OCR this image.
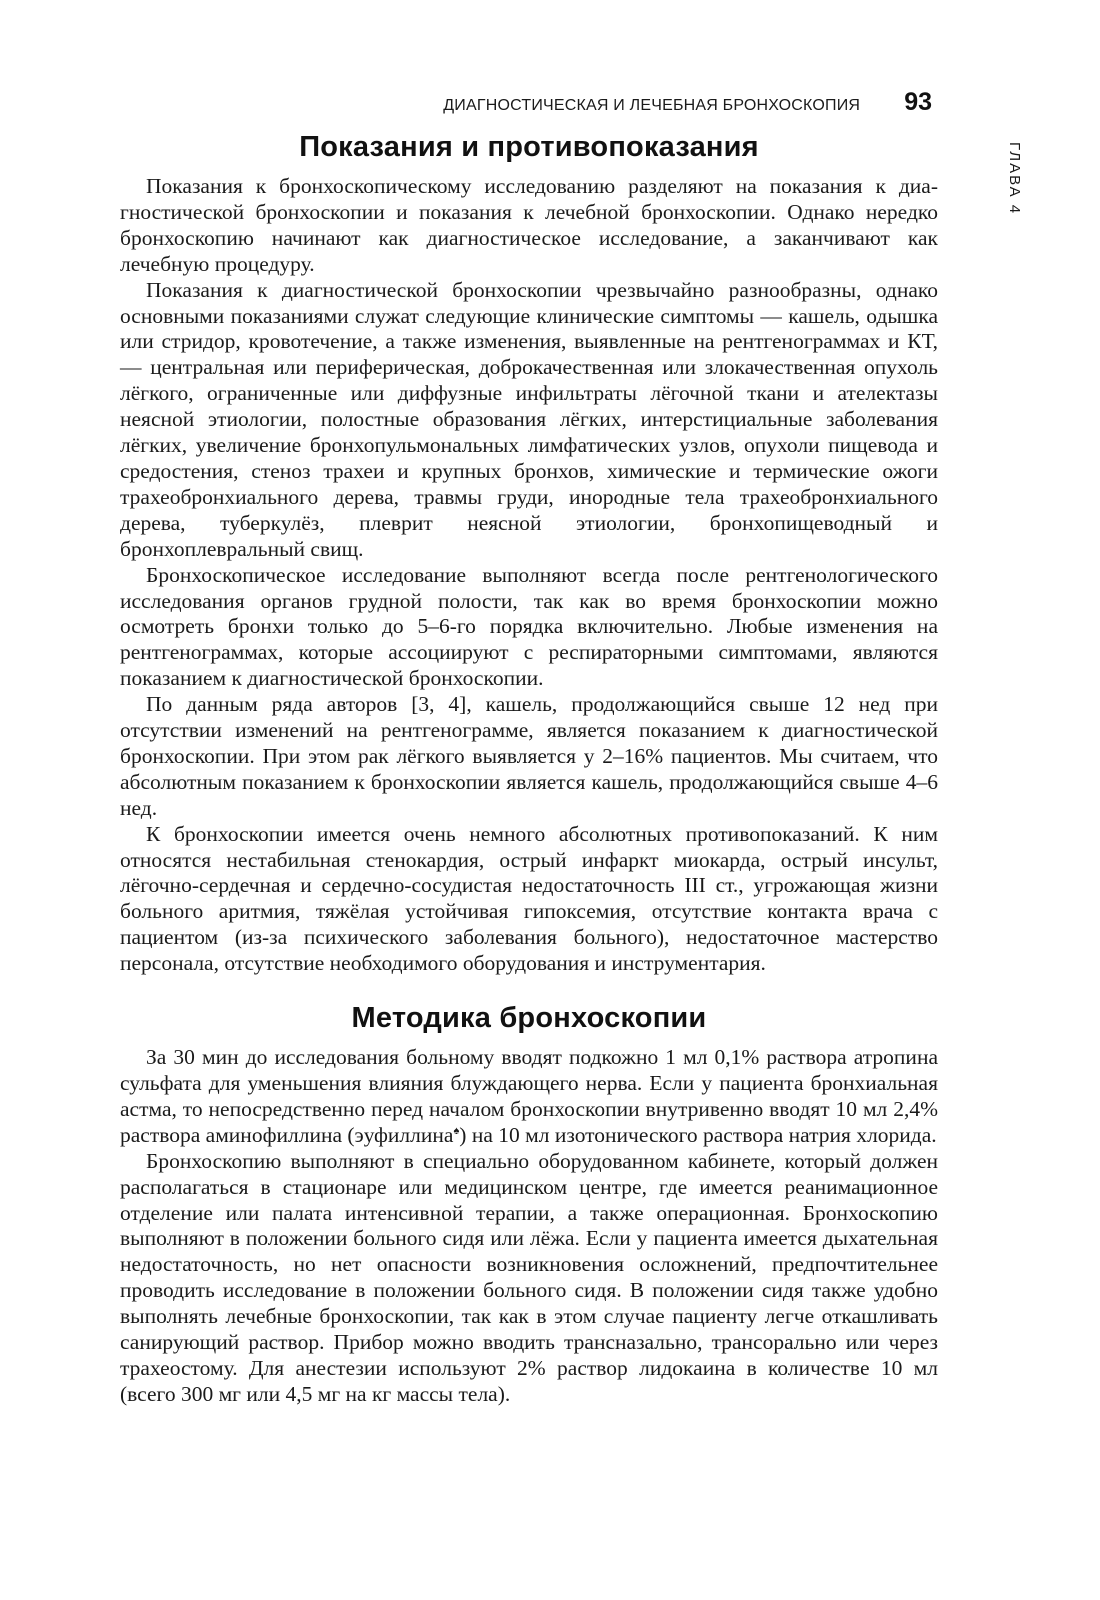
ДИАГНОСТИЧЕСКАЯ И ЛЕЧЕБНАЯ БРОНХОСКОПИЯ 93
ГЛАВА 4
Показания и противопоказания

Показания к бронхоскопическому исследованию разделяют на показания к диагностической бронхоскопии и показания к лечебной бронхоскопии. Однако нередко бронхоскопию начинают как диагностическое исследование, а заканчивают как лечебную процедуру.

Показания к диагностической бронхоскопии чрезвычайно разнообразны, однако основными показаниями служат следующие клинические симптомы — кашель, одышка или стридор, кровотечение, а также изменения, выявленные на рентгенограммах и КТ, — центральная или периферическая, доброкачественная или злокачественная опухоль лёгкого, ограниченные или диффузные инфильтраты лёгочной ткани и ателектазы неясной этиологии, полостные образования лёгких, интерстициальные заболевания лёгких, увеличение бронхопульмональных лимфатических узлов, опухоли пищевода и средостения, стеноз трахеи и крупных бронхов, химические и термические ожоги трахеобронхиального дерева, травмы груди, инородные тела трахеобронхиального дерева, туберкулёз, плеврит неясной этиологии, бронхопищеводный и бронхоплевральный свищ.

Бронхоскопическое исследование выполняют всегда после рентгенологического исследования органов грудной полости, так как во время бронхоскопии можно осмотреть бронхи только до 5–6-го порядка включительно. Любые изменения на рентгенограммах, которые ассоциируют с респираторными симптомами, являются показанием к диагностической бронхоскопии.

По данным ряда авторов [3, 4], кашель, продолжающийся свыше 12 нед при отсутствии изменений на рентгенограмме, является показанием к диагностической бронхоскопии. При этом рак лёгкого выявляется у 2–16% пациентов. Мы считаем, что абсолютным показанием к бронхоскопии является кашель, продолжающийся свыше 4–6 нед.

К бронхоскопии имеется очень немного абсолютных противопоказаний. К ним относятся нестабильная стенокардия, острый инфаркт миокарда, острый инсульт, лёгочно-сердечная и сердечно-сосудистая недостаточность III ст., угрожающая жизни больного аритмия, тяжёлая устойчивая гипоксемия, отсутствие контакта врача с пациентом (из-за психического заболевания больного), недостаточное мастерство персонала, отсутствие необходимого оборудования и инструментария.

Методика бронхоскопии

За 30 мин до исследования больному вводят подкожно 1 мл 0,1% раствора атропина сульфата для уменьшения влияния блуждающего нерва. Если у пациента бронхиальная астма, то непосредственно перед началом бронхоскопии внутривенно вводят 10 мл 2,4% раствора аминофиллина (эуфиллина♠) на 10 мл изотонического раствора натрия хлорида.

Бронхоскопию выполняют в специально оборудованном кабинете, который должен располагаться в стационаре или медицинском центре, где имеется реанимационное отделение или палата интенсивной терапии, а также операционная. Бронхоскопию выполняют в положении больного сидя или лёжа. Если у пациента имеется дыхательная недостаточность, но нет опасности возникновения осложнений, предпочтительнее проводить исследование в положении больного сидя. В положении сидя также удобно выполнять лечебные бронхоскопии, так как в этом случае пациенту легче откашливать санирующий раствор. Прибор можно вводить трансназально, трансорально или через трахеостому. Для анестезии используют 2% раствор лидокаина в количестве 10 мл (всего 300 мг или 4,5 мг на кг массы тела).
